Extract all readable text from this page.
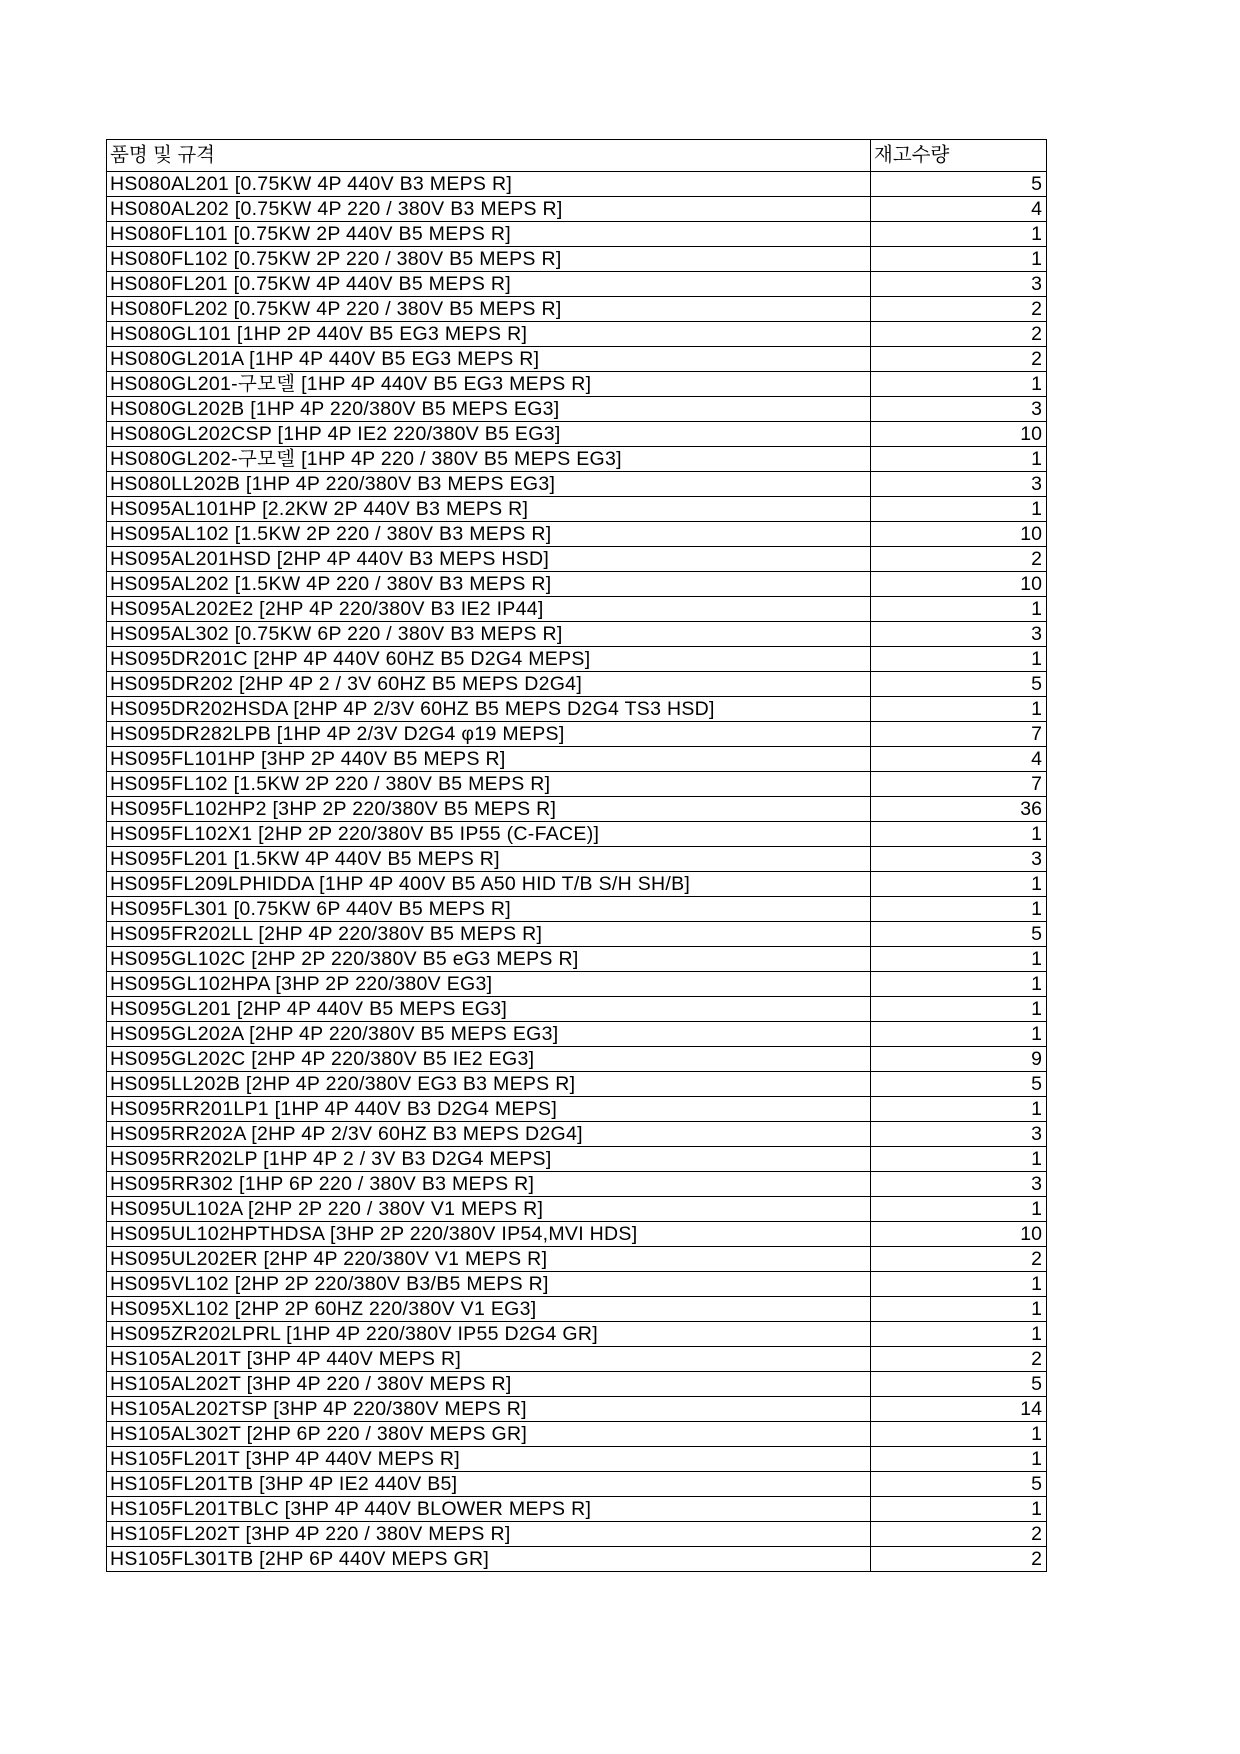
품명 및 규격	재고수량
HS080AL201 [0.75KW 4P 440V B3 MEPS R]	5
HS080AL202 [0.75KW 4P 220 / 380V B3 MEPS R]	4
HS080FL101 [0.75KW 2P 440V B5 MEPS R]	1
HS080FL102 [0.75KW 2P 220 / 380V B5 MEPS R]	1
HS080FL201 [0.75KW 4P 440V B5 MEPS R]	3
HS080FL202 [0.75KW 4P 220 / 380V B5 MEPS R]	2
HS080GL101 [1HP 2P 440V B5 EG3 MEPS R]	2
HS080GL201A [1HP 4P 440V B5 EG3 MEPS R]	2
HS080GL201-구모델 [1HP 4P 440V B5 EG3 MEPS R]	1
HS080GL202B [1HP 4P 220/380V B5 MEPS EG3]	3
HS080GL202CSP [1HP 4P IE2 220/380V B5 EG3]	10
HS080GL202-구모델 [1HP 4P 220 / 380V B5 MEPS EG3]	1
HS080LL202B [1HP 4P 220/380V B3 MEPS EG3]	3
HS095AL101HP [2.2KW 2P 440V B3 MEPS R]	1
HS095AL102 [1.5KW 2P 220 / 380V B3 MEPS R]	10
HS095AL201HSD [2HP 4P 440V B3 MEPS HSD]	2
HS095AL202 [1.5KW 4P 220 / 380V B3 MEPS R]	10
HS095AL202E2 [2HP 4P 220/380V B3 IE2 IP44]	1
HS095AL302 [0.75KW 6P 220 / 380V B3 MEPS R]	3
HS095DR201C [2HP 4P 440V 60HZ B5 D2G4 MEPS]	1
HS095DR202 [2HP 4P 2 / 3V 60HZ B5 MEPS D2G4]	5
HS095DR202HSDA [2HP 4P 2/3V 60HZ B5 MEPS D2G4 TS3 HSD]	1
HS095DR282LPB [1HP 4P 2/3V D2G4 φ19 MEPS]	7
HS095FL101HP [3HP 2P 440V B5 MEPS R]	4
HS095FL102 [1.5KW 2P 220 / 380V B5 MEPS R]	7
HS095FL102HP2 [3HP 2P 220/380V B5 MEPS R]	36
HS095FL102X1 [2HP 2P 220/380V B5 IP55 (C-FACE)]	1
HS095FL201 [1.5KW 4P 440V B5 MEPS R]	3
HS095FL209LPHIDDA [1HP 4P 400V B5 A50 HID T/B S/H SH/B]	1
HS095FL301 [0.75KW 6P 440V B5 MEPS R]	1
HS095FR202LL [2HP 4P 220/380V B5 MEPS R]	5
HS095GL102C [2HP 2P 220/380V B5 eG3 MEPS R]	1
HS095GL102HPA [3HP 2P 220/380V EG3]	1
HS095GL201 [2HP 4P 440V B5 MEPS EG3]	1
HS095GL202A [2HP 4P 220/380V B5 MEPS EG3]	1
HS095GL202C [2HP 4P 220/380V B5 IE2 EG3]	9
HS095LL202B [2HP 4P 220/380V EG3 B3 MEPS R]	5
HS095RR201LP1 [1HP 4P 440V B3 D2G4 MEPS]	1
HS095RR202A [2HP 4P 2/3V 60HZ B3 MEPS D2G4]	3
HS095RR202LP [1HP 4P 2 / 3V B3 D2G4 MEPS]	1
HS095RR302 [1HP 6P 220 / 380V B3 MEPS R]	3
HS095UL102A [2HP 2P 220 / 380V V1 MEPS R]	1
HS095UL102HPTHDSA [3HP 2P 220/380V IP54,MVI HDS]	10
HS095UL202ER [2HP 4P 220/380V V1 MEPS R]	2
HS095VL102 [2HP 2P 220/380V B3/B5 MEPS R]	1
HS095XL102 [2HP 2P 60HZ 220/380V V1 EG3]	1
HS095ZR202LPRL [1HP 4P 220/380V IP55 D2G4 GR]	1
HS105AL201T [3HP 4P 440V MEPS R]	2
HS105AL202T [3HP 4P 220 / 380V MEPS R]	5
HS105AL202TSP [3HP 4P 220/380V MEPS R]	14
HS105AL302T [2HP 6P 220 / 380V MEPS GR]	1
HS105FL201T [3HP 4P 440V MEPS R]	1
HS105FL201TB [3HP 4P IE2 440V B5]	5
HS105FL201TBLC [3HP 4P 440V BLOWER MEPS R]	1
HS105FL202T [3HP 4P 220 / 380V MEPS R]	2
HS105FL301TB [2HP 6P 440V MEPS GR]	2
